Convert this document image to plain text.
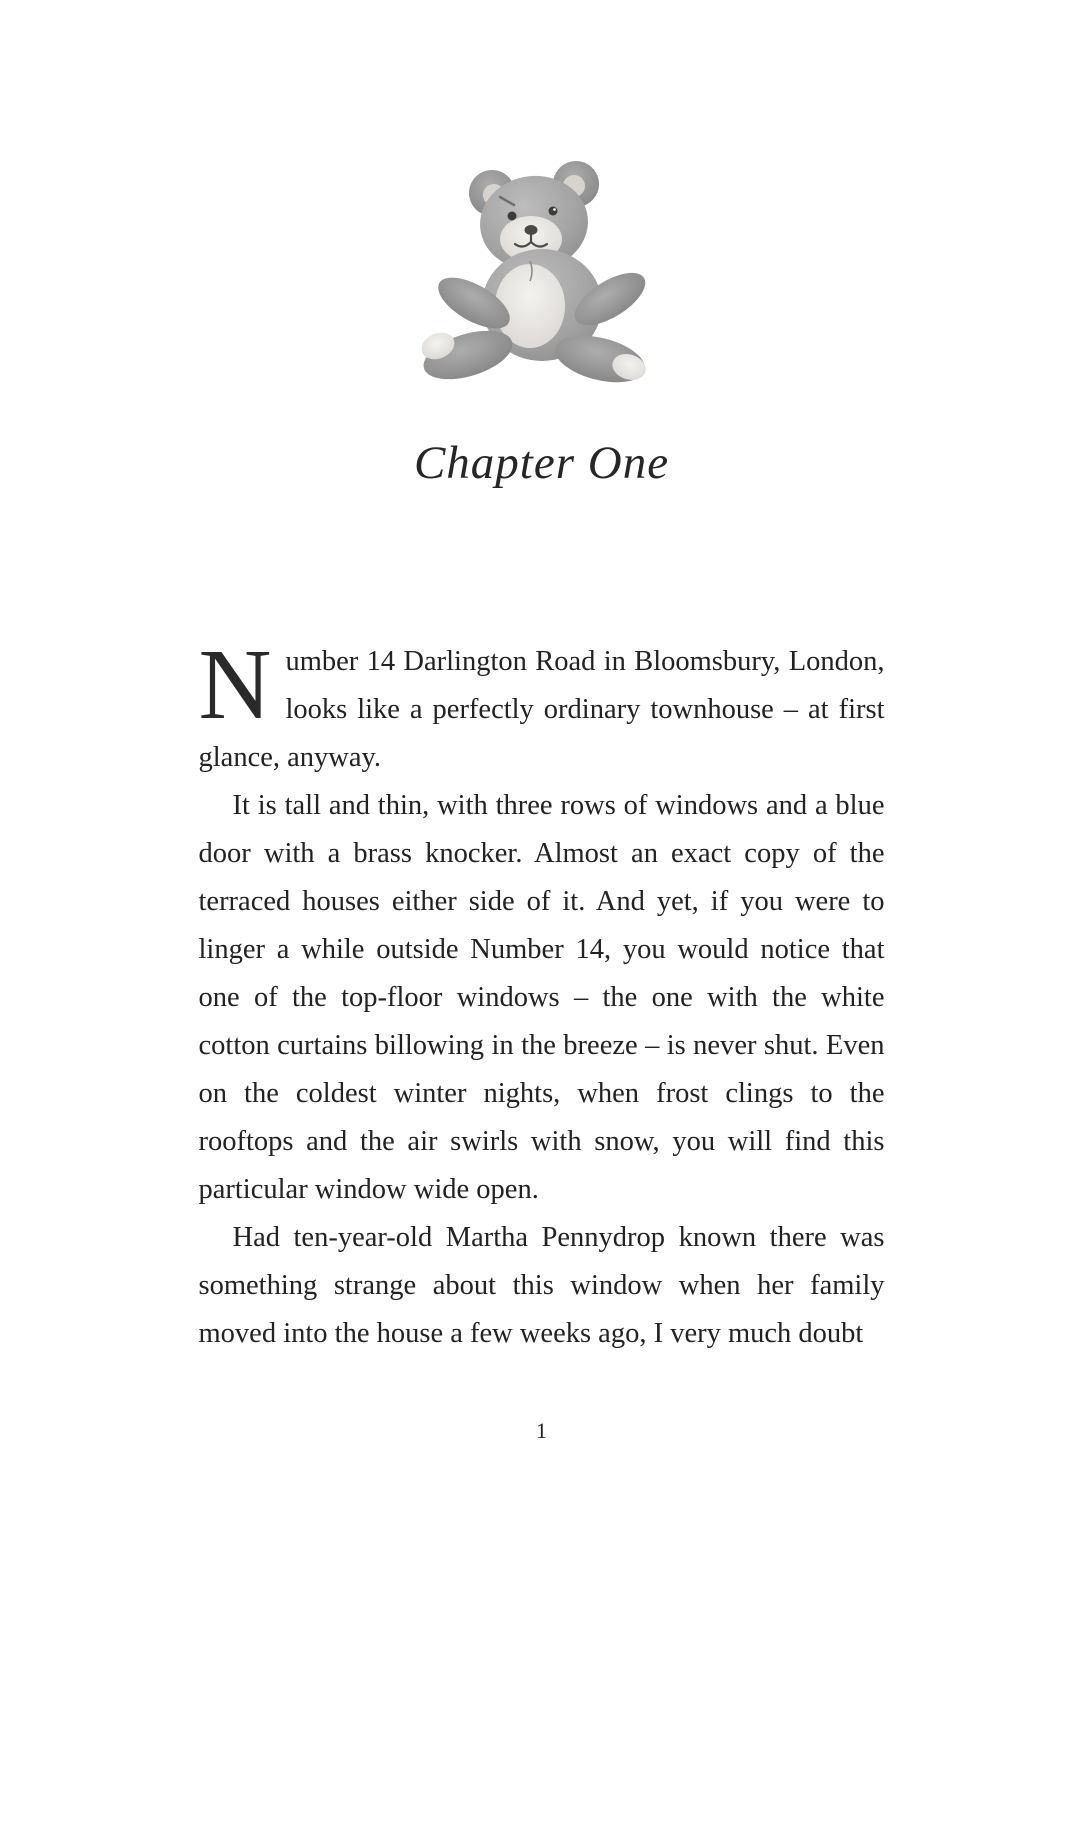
Chapter One

N umber 14 Darlington Road in Bloomsbury, London, looks like a perfectly ordinary townhouse – at first glance, anyway.

It is tall and thin, with three rows of windows and a blue door with a brass knocker. Almost an exact copy of the terraced houses either side of it. And yet, if you were to linger a while outside Number 14, you would notice that one of the top-floor windows – the one with the white cotton curtains billowing in the breeze – is never shut. Even on the coldest winter nights, when frost clings to the rooftops and the air swirls with snow, you will find this particular window wide open.

Had ten-year-old Martha Pennydrop known there was something strange about this window when her family moved into the house a few weeks ago, I very much doubt

1
